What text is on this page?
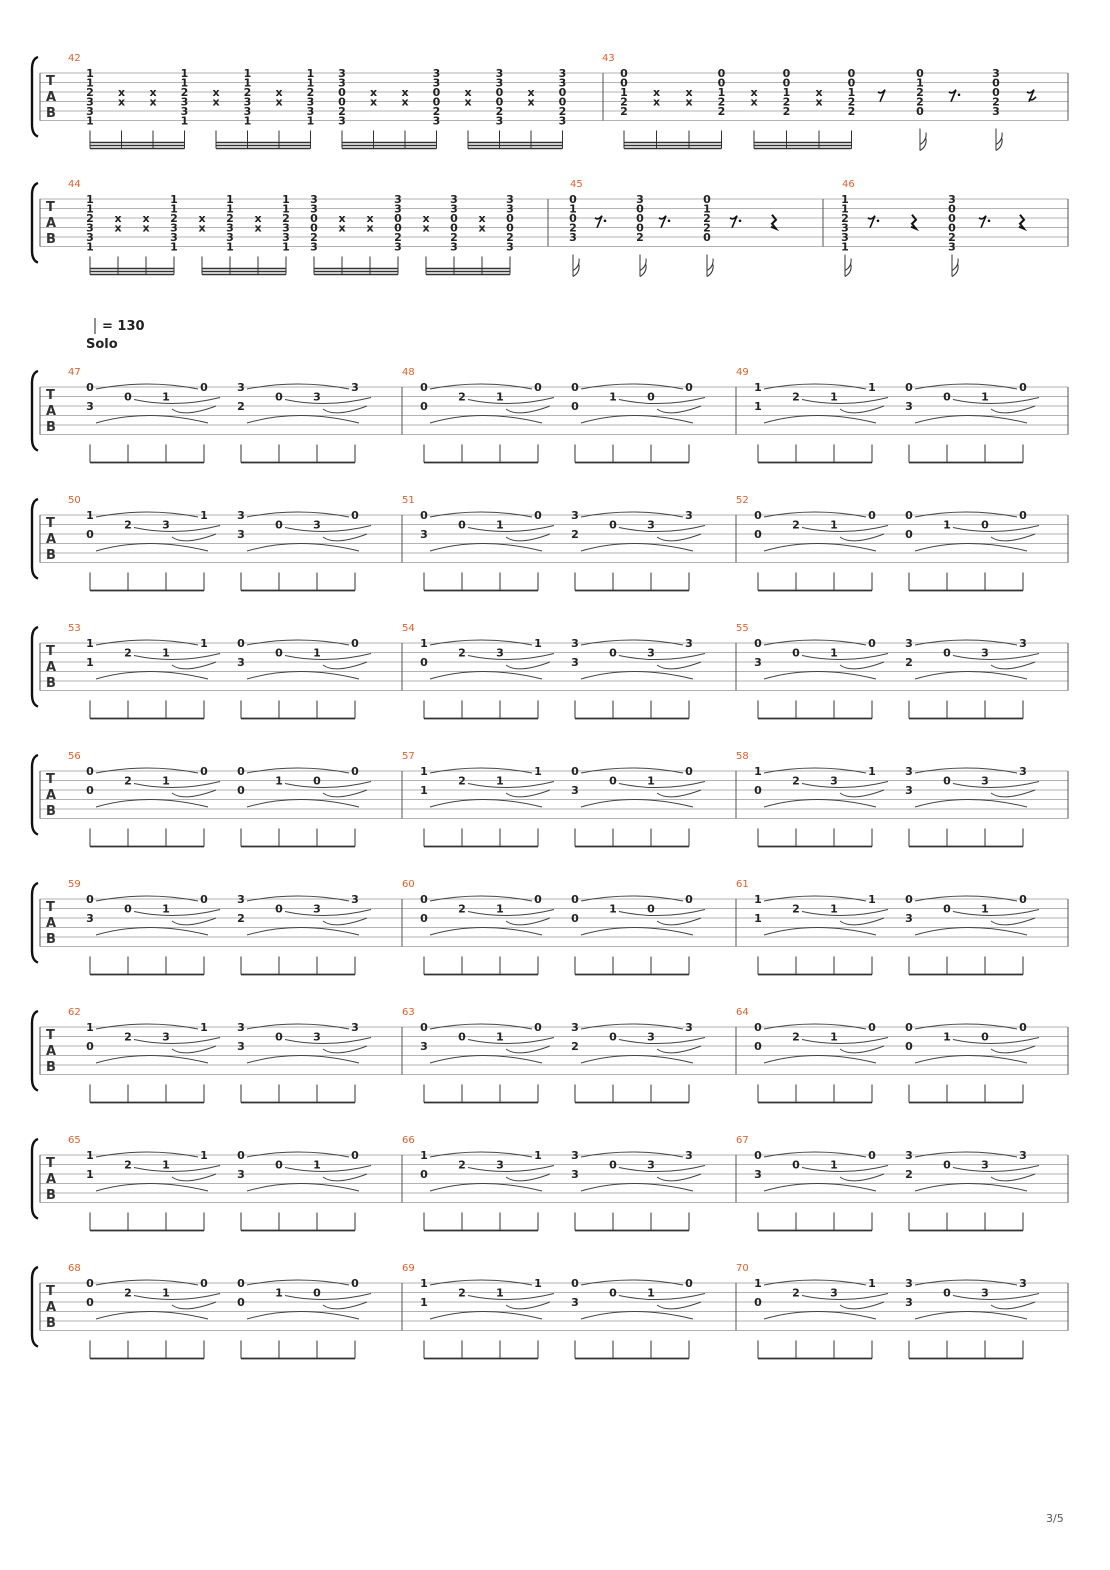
= 130
Solo
3/5
T
A
B
42
1
1
2
3
3
1
x
x
x
x
1
1
2
3
3
1
x
x
1
1
2
3
3
1
x
x
1
1
2
3
3
1
3
3
0
0
2
3
x
x
x
x
3
3
0
0
2
3
x
x
3
3
0
0
2
3
x
x
3
3
0
0
2
3
43
0
0
1
2
2
x
x
x
x
0
0
1
2
2
x
x
0
0
1
2
2
x
x
0
0
1
2
2
0
1
2
2
0
3
0
0
2
3
T
A
B
44
1
1
2
3
3
1
x
x
x
x
1
1
2
3
3
1
x
x
1
1
2
3
3
1
x
x
1
1
2
3
3
1
3
3
0
0
2
3
x
x
x
x
3
3
0
0
2
3
x
x
3
3
0
0
2
3
x
x
3
3
0
0
2
3
45
0
1
0
2
3
3
0
0
0
2
0
1
2
2
0
46
1
1
2
3
3
1
3
0
0
0
2
3
T
A
B
47
0
3
0	1
0	3
2
0	3
3
48
0
0
2	1
0	0
0
1	0
0
49
1
1
2	1
1	0
3
0	1
0
T
A
B
50
1
0
2	3
1	3
3
0	3
0
51
0
3
0	1
0	3
2
0	3
3
52
0
0
2	1
0	0
0
1	0
0
T
A
B
53
1
1
2	1
1	0
3
0	1
0
54
1
0
2	3
1	3
3
0	3
3
55
0
3
0	1
0	3
2
0	3
3
T
A
B
56
0
0
2	1
0	0
0
1	0
0
57
1
1
2	1
1	0
3
0	1
0
58
1
0
2	3
1	3
3
0	3
3
T
A
B
59
0
3
0	1
0	3
2
0	3
3
60
0
0
2	1
0	0
0
1	0
0
61
1
1
2	1
1	0
3
0	1
0
T
A
B
62
1
0
2	3
1	3
3
0	3
3
63
0
3
0	1
0	3
2
0	3
3
64
0
0
2	1
0	0
0
1	0
0
T
A
B
65
1
1
2	1
1	0
3
0	1
0
66
1
0
2	3
1	3
3
0	3
3
67
0
3
0	1
0	3
2
0	3
3
T
A
B
68
0
0
2	1
0	0
0
1	0
0
69
1
1
2	1
1	0
3
0	1
0
70
1
0
2	3
1	3
3
0	3
3
